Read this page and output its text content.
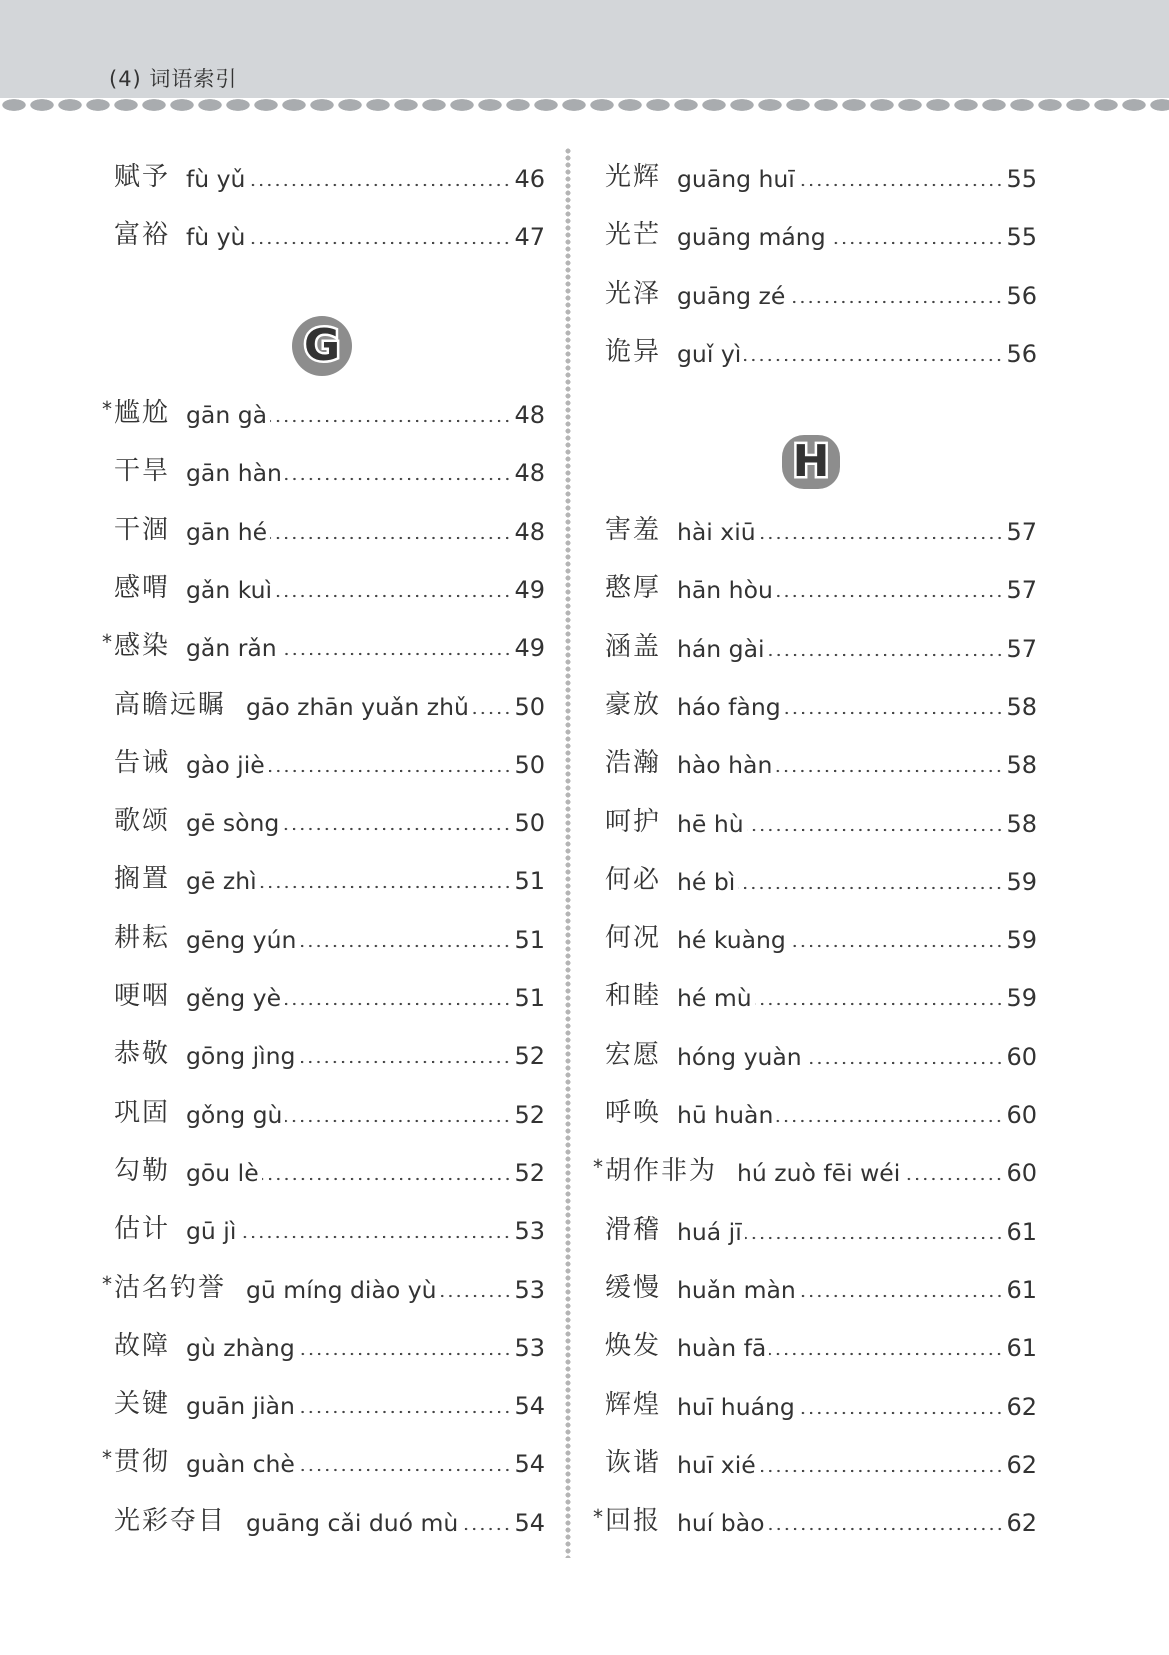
(4) 词语索引
G
H
赋予 fù yǔ	46
富裕 fù yù	47
* 尴尬 gān gà	48
干旱 gān hàn	48
干涸 gān hé	48
感喟 gǎn kuì	49
* 感染 gǎn rǎn	49
高瞻远瞩 gāo zhān yuǎn zhǔ 50
告诫 gào jiè	50
歌颂 gē sòng	50
搁置 gē zhì	51
耕耘 gēng yún	51
哽咽 gěng yè	51
恭敬 gōng jìng	52
巩固 gǒng gù	52
勾勒 gōu lè	52
估计 gū jì	53
* 沽名钓誉 gū míng diào yù	53
故障 gù zhàng	53
关键 guān jiàn	54
* 贯彻 guàn chè	54
光彩夺目 guāng cǎi duó mù 54
光辉 guāng huī	55
光芒 guāng máng	55
光泽 guāng zé	56
诡异 guǐ yì	56
害羞 hài xiū	57
憨厚 hān hòu	57
涵盖 hán gài	57
豪放 háo fàng	58
浩瀚 hào hàn	58
呵护 hē hù	58
何必 hé bì	59
何况 hé kuàng	59
和睦 hé mù	59
宏愿 hóng yuàn	60
呼唤 hū huàn	60
* 胡作非为 hú zuò fēi wéi	60
滑稽 huá jī	61
缓慢 huǎn màn	61
焕发 huàn fā	61
辉煌 huī huáng	62
诙谐 huī xié	62
* 回报 huí bào	62
